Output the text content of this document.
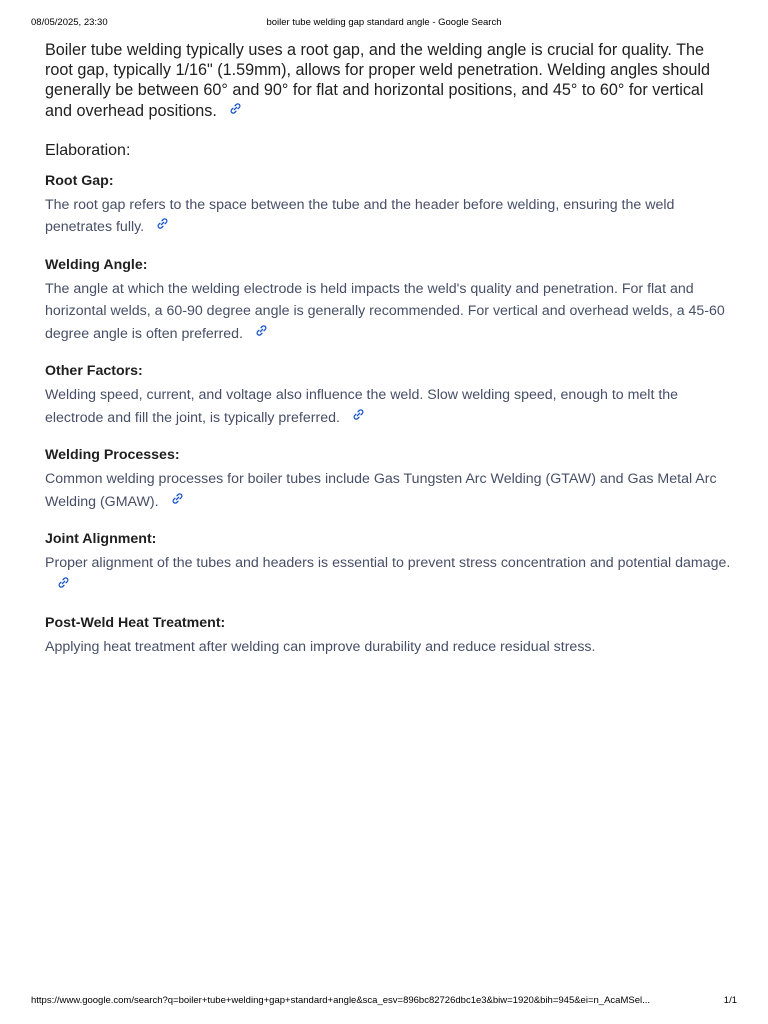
08/05/2025, 23:30	boiler tube welding gap standard angle - Google Search

Boiler tube welding typically uses a root gap, and the welding angle is crucial for quality. The root gap, typically 1/16" (1.59mm), allows for proper weld penetration. Welding angles should generally be between 60° and 90° for flat and horizontal positions, and 45° to 60° for vertical and overhead positions.

Elaboration:
Root Gap:

The root gap refers to the space between the tube and the header before welding, ensuring the weld penetrates fully.

Welding Angle:

The angle at which the welding electrode is held impacts the weld's quality and penetration. For flat and horizontal welds, a 60-90 degree angle is generally recommended. For vertical and overhead welds, a 45-60 degree angle is often preferred.

Other Factors:

Welding speed, current, and voltage also influence the weld. Slow welding speed, enough to melt the electrode and fill the joint, is typically preferred.

Welding Processes:

Common welding processes for boiler tubes include Gas Tungsten Arc Welding (GTAW) and Gas Metal Arc Welding (GMAW).

Joint Alignment:

Proper alignment of the tubes and headers is essential to prevent stress concentration and potential damage.

Post-Weld Heat Treatment:

Applying heat treatment after welding can improve durability and reduce residual stress.

https://www.google.com/search?q=boiler+tube+welding+gap+standard+angle&sca_esv=896bc82726dbc1e3&biw=1920&bih=945&ei=n_AcaMSel...	1/1
